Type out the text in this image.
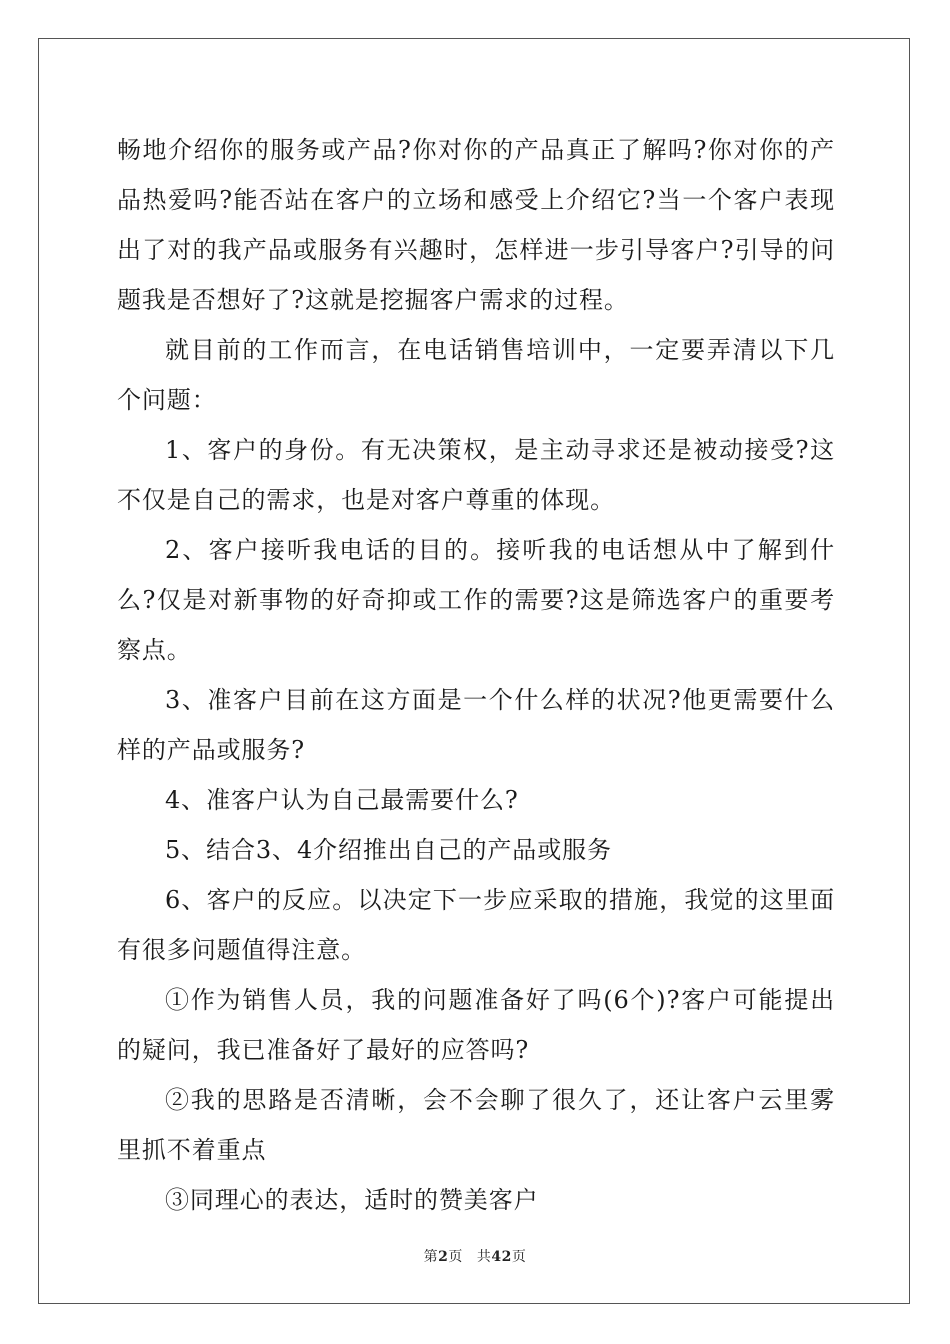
畅地介绍你的服务或产品?你对你的产品真正了解吗?你对你的产品热爱吗?能否站在客户的立场和感受上介绍它?当一个客户表现出了对的我产品或服务有兴趣时，怎样进一步引导客户?引导的问题我是否想好了?这就是挖掘客户需求的过程。

就目前的工作而言，在电话销售培训中，一定要弄清以下几个问题：

1、客户的身份。有无决策权，是主动寻求还是被动接受?这不仅是自己的需求，也是对客户尊重的体现。

2、客户接听我电话的目的。接听我的电话想从中了解到什么?仅是对新事物的好奇抑或工作的需要?这是筛选客户的重要考察点。

3、准客户目前在这方面是一个什么样的状况?他更需要什么样的产品或服务?

4、准客户认为自己最需要什么?

5、结合3、4介绍推出自己的产品或服务

6、客户的反应。以决定下一步应采取的措施，我觉的这里面有很多问题值得注意。

①作为销售人员，我的问题准备好了吗(6个)?客户可能提出的疑问，我已准备好了最好的应答吗?

②我的思路是否清晰，会不会聊了很久了，还让客户云里雾里抓不着重点

③同理心的表达，适时的赞美客户

第2页 共42页
